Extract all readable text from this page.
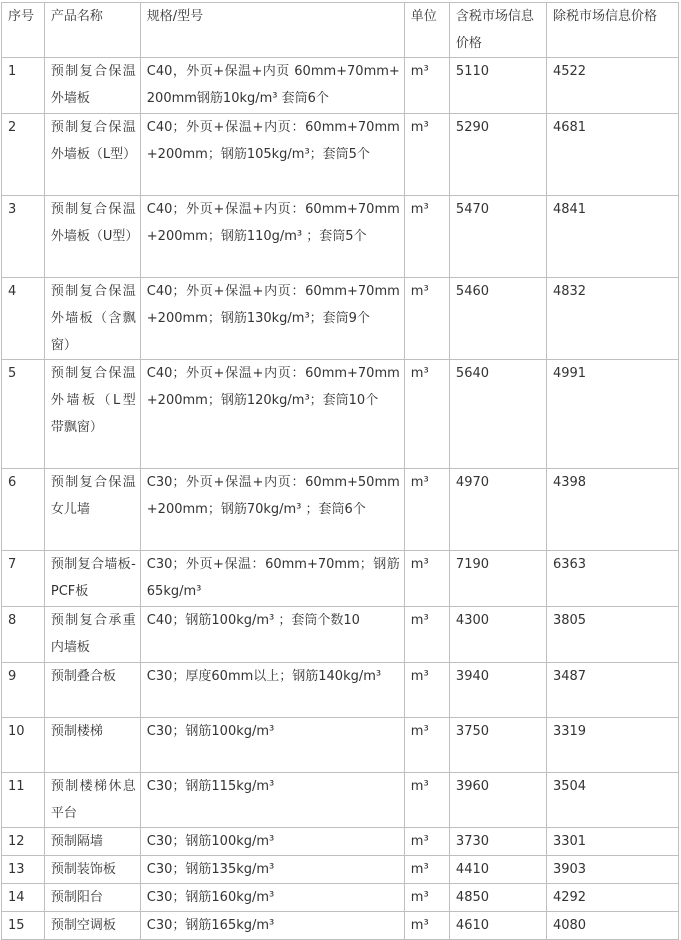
序号	产品名称	规格/型号	单位	含税市场信息价格	除税市场信息价格
1	预制复合保温外墙板	C40，外页+保温+内页 60mm+70mm+200mm钢筋10kg/m³ 套筒6个	m³	5110	4522
2	预制复合保温外墙板（L型）	C40；外页+保温+内页：60mm+70mm+200mm；钢筋105kg/m³；套筒5个	m³	5290	4681
3	预制复合保温外墙板（U型）	C40；外页+保温+内页：60mm+70mm+200mm；钢筋110g/m³ ；套筒5个	m³	5470	4841
4	预制复合保温外墙板（含飘窗）	C40；外页+保温+内页：60mm+70mm+200mm；钢筋130kg/m³；套筒9个	m³	5460	4832
5	预制复合保温外墙板（L型带飘窗）	C40；外页+保温+内页：60mm+70mm+200mm；钢筋120kg/m³；套筒10个	m³	5640	4991
6	预制复合保温女儿墙	C30；外页+保温+内页：60mm+50mm+200mm；钢筋70kg/m³ ；套筒6个	m³	4970	4398
7	预制复合墙板-PCF板	C30；外页+保温：60mm+70mm；钢筋65kg/m³	m³	7190	6363
8	预制复合承重内墙板	C40；钢筋100kg/m³ ；套筒个数10	m³	4300	3805
9	预制叠合板	C30；厚度60mm以上；钢筋140kg/m³	m³	3940	3487
10	预制楼梯	C30；钢筋100kg/m³	m³	3750	3319
11	预制楼梯休息平台	C30；钢筋115kg/m³	m³	3960	3504
12	预制隔墙	C30；钢筋100kg/m³	m³	3730	3301
13	预制装饰板	C30；钢筋135kg/m³	m³	4410	3903
14	预制阳台	C30；钢筋160kg/m³	m³	4850	4292
15	预制空调板	C30；钢筋165kg/m³	m³	4610	4080
